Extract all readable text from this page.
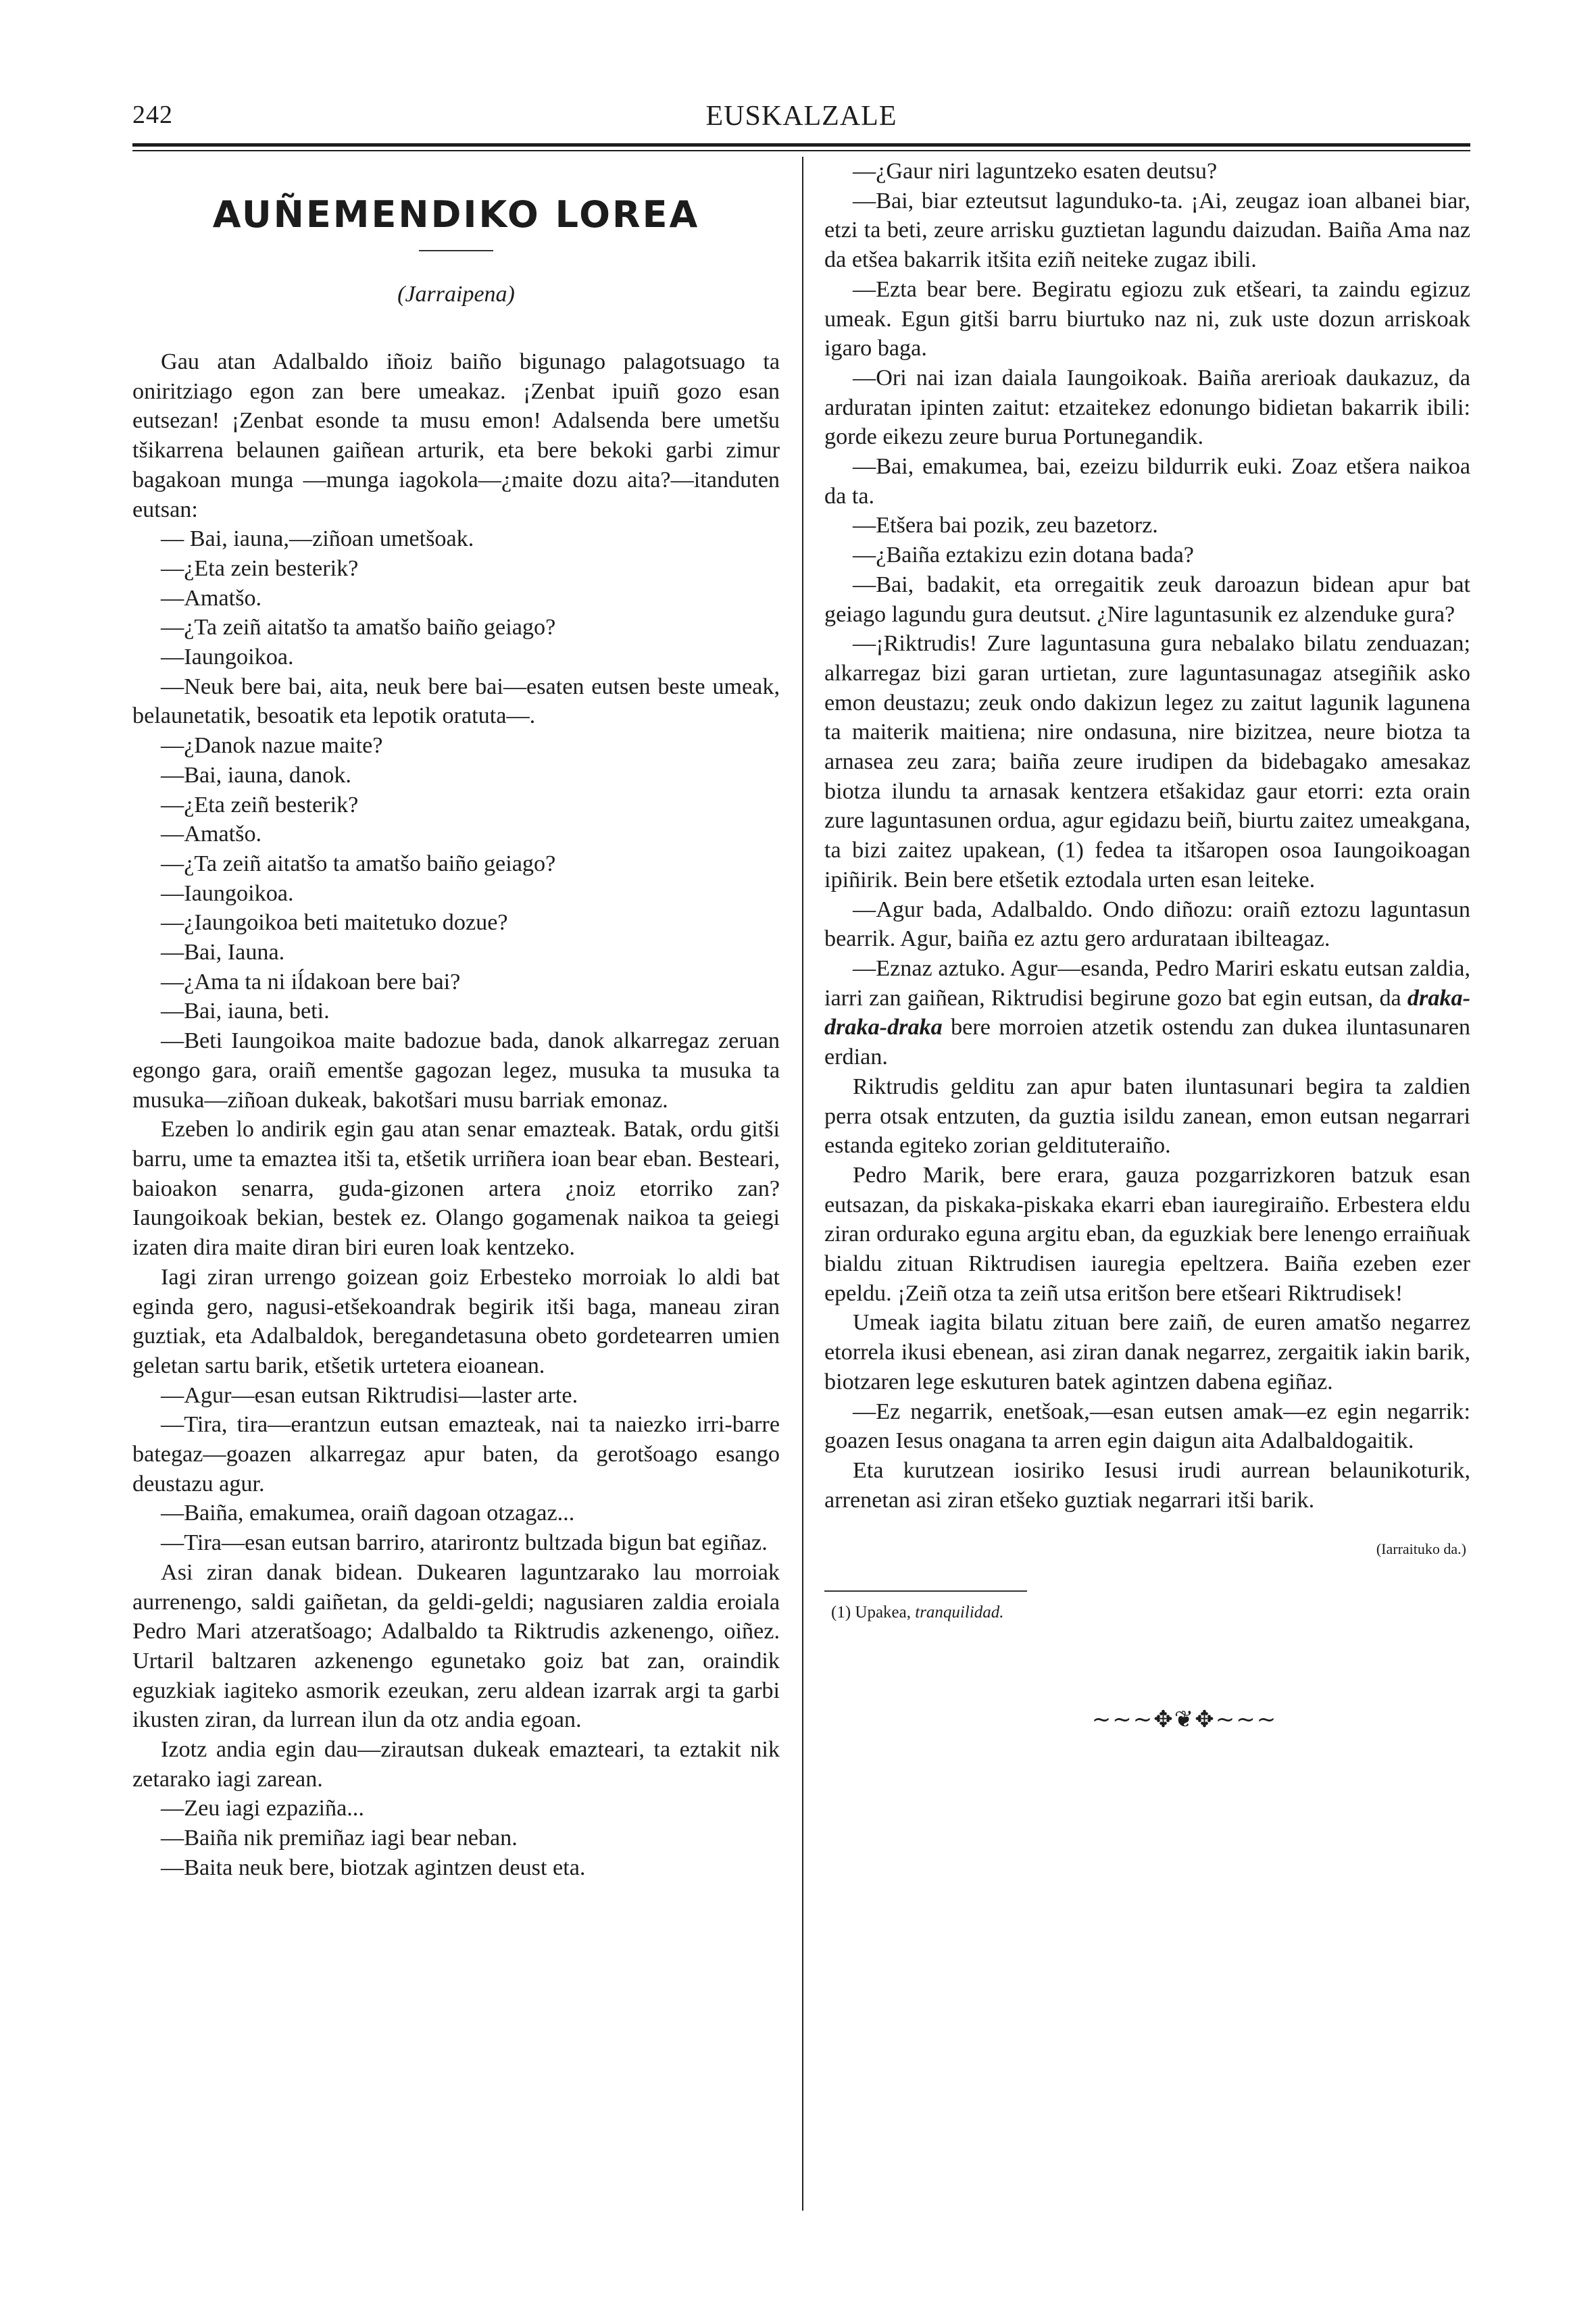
242	EUSKALZALE
AUÑEMENDIKO LOREA
(Jarraipena)

Gau atan Adalbaldo iñoiz baiño bigunago palagotsuago ta oniritziago egon zan bere umeakaz. ¡Zenbat ipuiñ gozo esan eutsezan! ¡Zenbat esonde ta musu emon! Adalsenda bere umetšu tšikarrena belaunen gaiñean arturik, eta bere bekoki garbi zimur bagakoan munga —munga iagokola—¿maite dozu aita?—itanduten eutsan:

— Bai, iauna,—ziñoan umetšoak.

—¿Eta zein besterik?

—Amatšo.

—¿Ta zeiñ aitatšo ta amatšo baiño geiago?

—Iaungoikoa.

—Neuk bere bai, aita, neuk bere bai—esaten eutsen beste umeak, belaunetatik, besoatik eta lepotik oratuta—.

—¿Danok nazue maite?

—Bai, iauna, danok.

—¿Eta zeiñ besterik?

—Amatšo.

—¿Ta zeiñ aitatšo ta amatšo baiño geiago?

—Iaungoikoa.

—¿Iaungoikoa beti maitetuko dozue?

—Bai, Iauna.

—¿Ama ta ni iĺdakoan bere bai?

—Bai, iauna, beti.

—Beti Iaungoikoa maite badozue bada, danok alkarregaz zeruan egongo gara, oraiñ ementše gagozan legez, musuka ta musuka ta musuka—ziñoan dukeak, bakotšari musu barriak emonaz.

Ezeben lo andirik egin gau atan senar emazteak. Batak, ordu gitši barru, ume ta emaztea itši ta, etšetik urriñera ioan bear eban. Besteari, baioakon senarra, guda-gizonen artera ¿noiz etorriko zan? Iaungoikoak bekian, bestek ez. Olango gogamenak naikoa ta geiegi izaten dira maite diran biri euren loak kentzeko.

Iagi ziran urrengo goizean goiz Erbesteko morroiak lo aldi bat eginda gero, nagusi-etšekoandrak begirik itši baga, maneau ziran guztiak, eta Adalbaldok, beregandetasuna obeto gordetearren umien geletan sartu barik, etšetik urtetera eioanean.

—Agur—esan eutsan Riktrudisi—laster arte.

—Tira, tira—erantzun eutsan emazteak, nai ta naiezko irri-barre bategaz—goazen alkarregaz apur baten, da gerotšoago esango deustazu agur.

—Baiña, emakumea, oraiñ dagoan otzagaz...

—Tira—esan eutsan barriro, atarirontz bultzada bigun bat egiñaz.

Asi ziran danak bidean. Dukearen laguntzarako lau morroiak aurrenengo, saldi gaiñetan, da geldi-geldi; nagusiaren zaldia eroiala Pedro Mari atzeratšoago; Adalbaldo ta Riktrudis azkenengo, oiñez. Urtaril baltzaren azkenengo egunetako goiz bat zan, oraindik eguzkiak iagiteko asmorik ezeukan, zeru aldean izarrak argi ta garbi ikusten ziran, da lurrean ilun da otz andia egoan.

Izotz andia egin dau—zirautsan dukeak emazteari, ta eztakit nik zetarako iagi zarean.

—Zeu iagi ezpaziña...

—Baiña nik premiñaz iagi bear neban.

—Baita neuk bere, biotzak agintzen deust eta.

—¿Gaur niri laguntzeko esaten deutsu?

—Bai, biar ezteutsut lagunduko-ta. ¡Ai, zeugaz ioan albanei biar, etzi ta beti, zeure arrisku guztietan lagundu daizudan. Baiña Ama naz da etšea bakarrik itšita eziñ neiteke zugaz ibili.

—Ezta bear bere. Begiratu egiozu zuk etšeari, ta zaindu egizuz umeak. Egun gitši barru biurtuko naz ni, zuk uste dozun arriskoak igaro baga.

—Ori nai izan daiala Iaungoikoak. Baiña arerioak daukazuz, da arduratan ipinten zaitut: etzaitekez edonungo bidietan bakarrik ibili: gorde eikezu zeure burua Portunegandik.

—Bai, emakumea, bai, ezeizu bildurrik euki. Zoaz etšera naikoa da ta.

—Etšera bai pozik, zeu bazetorz.

—¿Baiña eztakizu ezin dotana bada?

—Bai, badakit, eta orregaitik zeuk daroazun bidean apur bat geiago lagundu gura deutsut. ¿Nire laguntasunik ez alzenduke gura?

—¡Riktrudis! Zure laguntasuna gura nebalako bilatu zenduazan; alkarregaz bizi garan urtietan, zure laguntasunagaz atsegiñik asko emon deustazu; zeuk ondo dakizun legez zu zaitut lagunik lagunena ta maiterik maitiena; nire ondasuna, nire bizitzea, neure biotza ta arnasea zeu zara; baiña zeure irudipen da bidebagako amesakaz biotza ilundu ta arnasak kentzera etšakidaz gaur etorri: ezta orain zure laguntasunen ordua, agur egidazu beiñ, biurtu zaitez umeakgana, ta bizi zaitez upakean, (1) fedea ta itšaropen osoa Iaungoikoagan ipiñirik. Bein bere etšetik eztodala urten esan leiteke.

—Agur bada, Adalbaldo. Ondo diñozu: oraiñ eztozu laguntasun bearrik. Agur, baiña ez aztu gero ardurataan ibilteagaz.

—Eznaz aztuko. Agur—esanda, Pedro Mariri eskatu eutsan zaldia, iarri zan gaiñean, Riktrudisi begirune gozo bat egin eutsan, da draka-draka-draka bere morroien atzetik ostendu zan dukea iluntasunaren erdian.

Riktrudis gelditu zan apur baten iluntasunari begira ta zaldien perra otsak entzuten, da guztia isildu zanean, emon eutsan negarrari estanda egiteko zorian geldituteraiño.

Pedro Marik, bere erara, gauza pozgarrizkoren batzuk esan eutsazan, da piskaka-piskaka ekarri eban iauregiraiño. Erbestera eldu ziran ordurako eguna argitu eban, da eguzkiak bere lenengo erraiñuak bialdu zituan Riktrudisen iauregia epeltzera. Baiña ezeben ezer epeldu. ¡Zeiñ otza ta zeiñ utsa eritšon bere etšeari Riktrudisek!

Umeak iagita bilatu zituan bere zaiñ, de euren amatšo negarrez etorrela ikusi ebenean, asi ziran danak negarrez, zergaitik iakin barik, biotzaren lege eskuturen batek agintzen dabena egiñaz.

—Ez negarrik, enetšoak,—esan eutsen amak—ez egin negarrik: goazen Iesus onagana ta arren egin daigun aita Adalbaldogaitik.

Eta kurutzean iosiriko Iesusi irudi aurrean belaunikoturik, arrenetan asi ziran etšeko guztiak negarrari itši barik.

(Iarraituko da.)
(1) Upakea, tranquilidad.
~~~✥❦✥~~~
